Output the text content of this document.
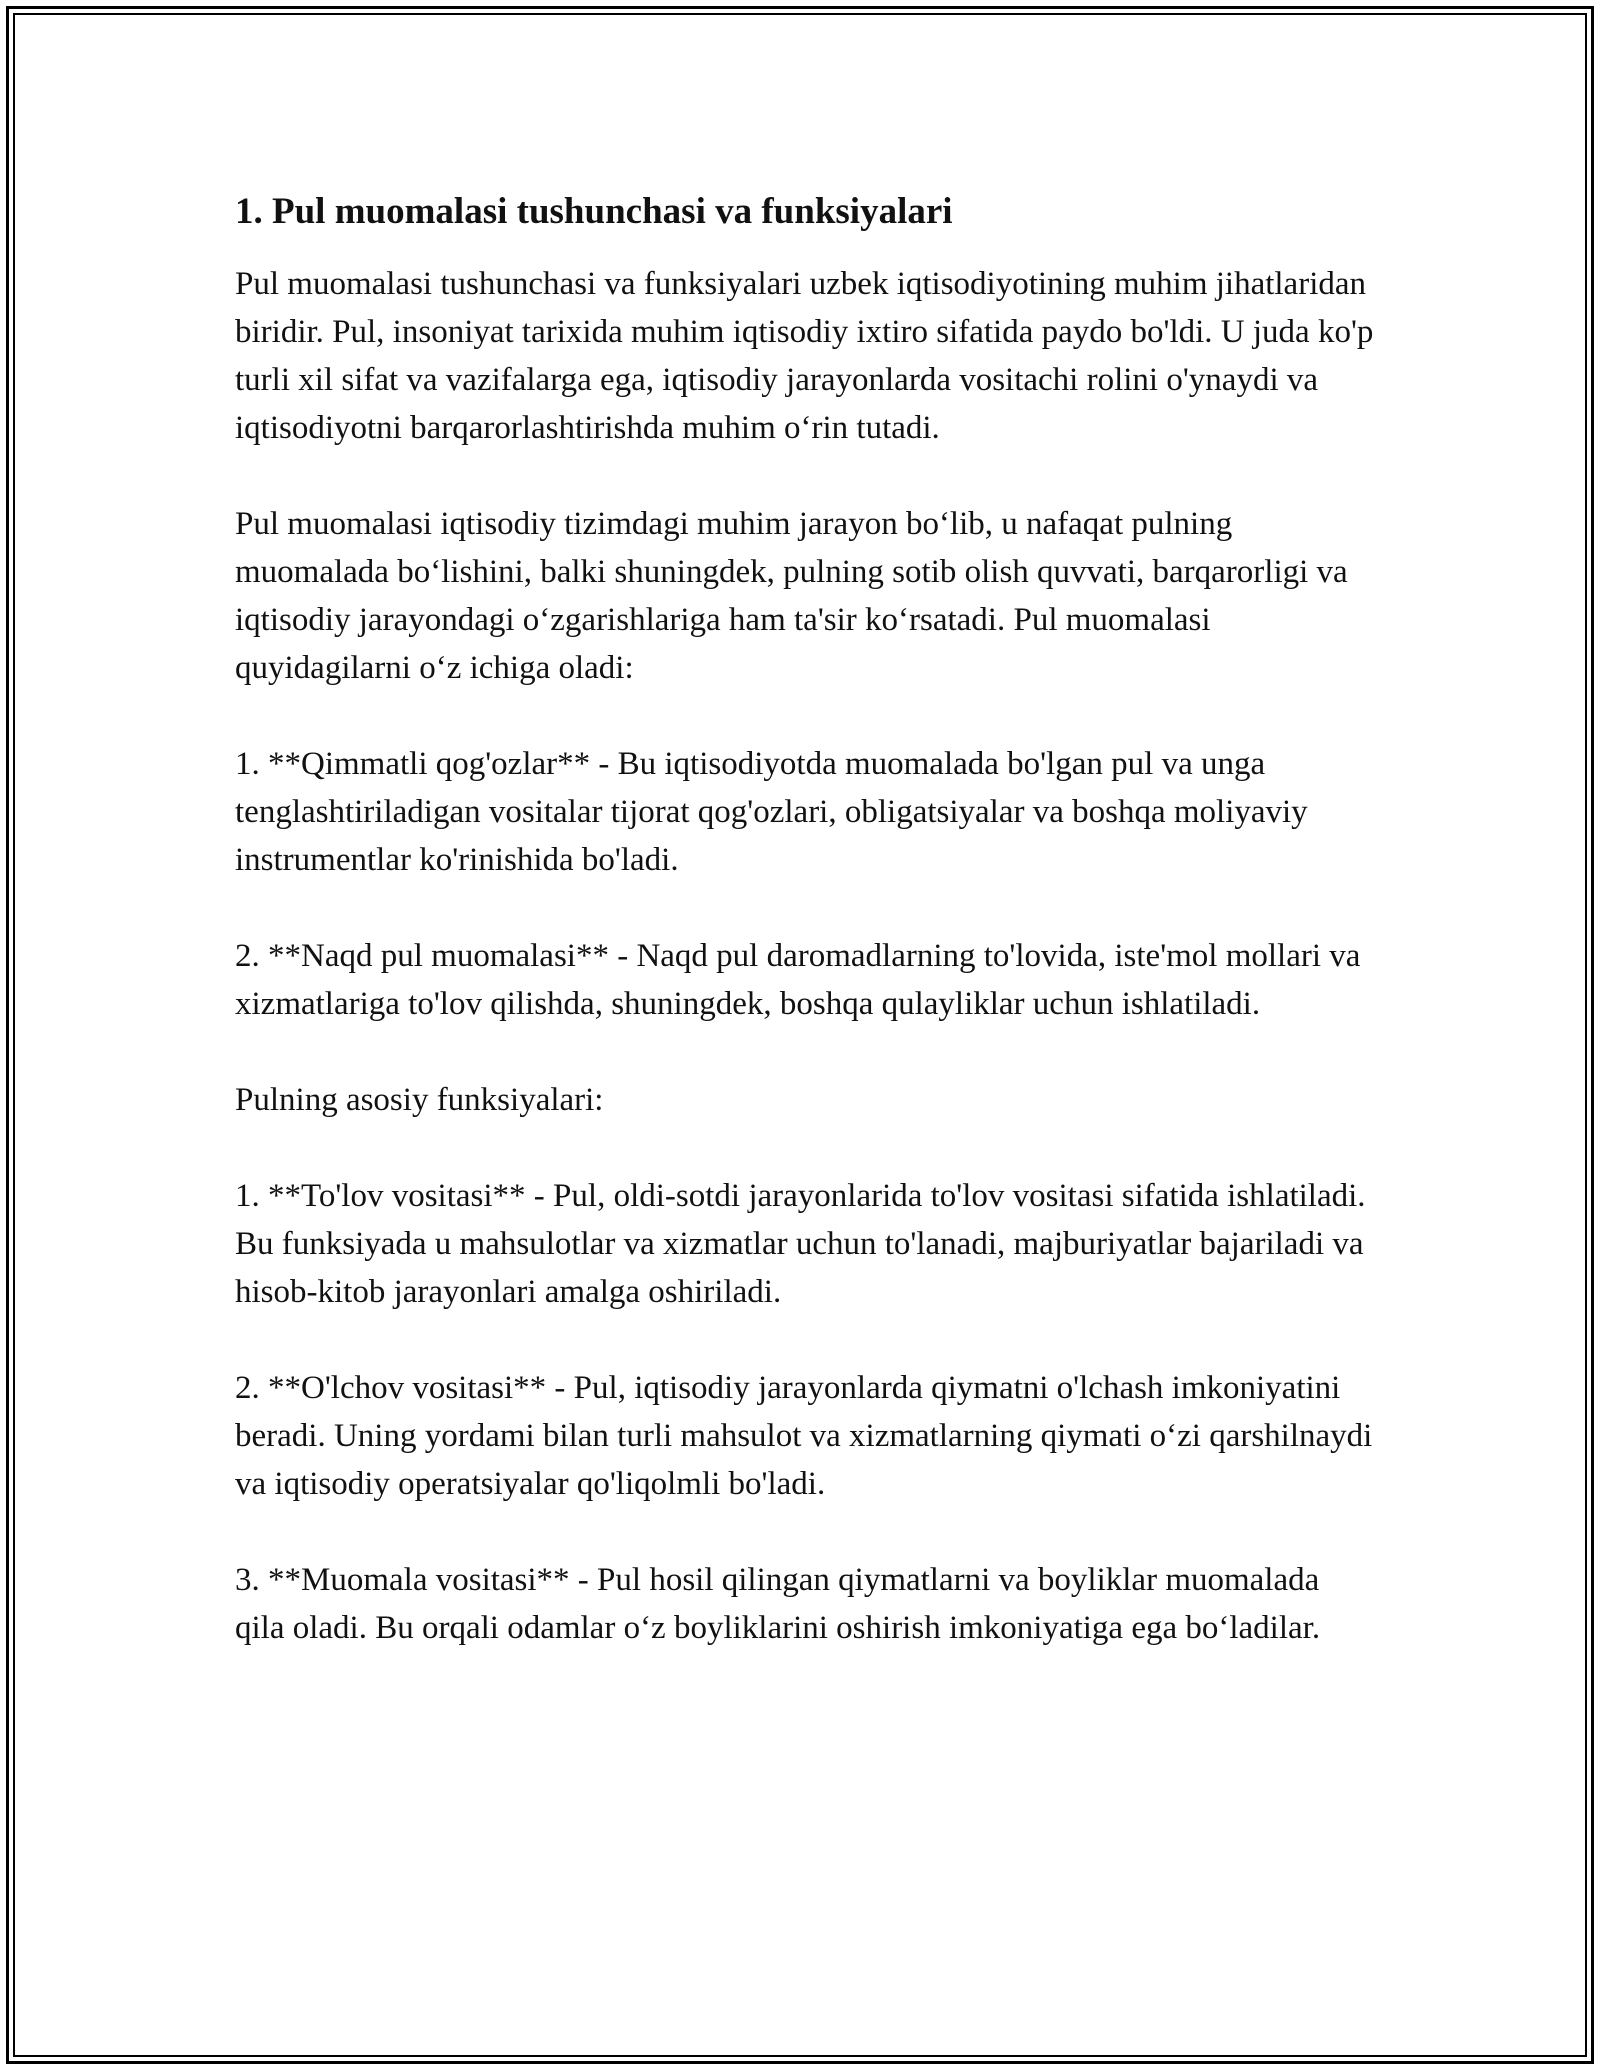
1. Pul muomalasi tushunchasi va funksiyalari

Pul muomalasi tushunchasi va funksiyalari uzbek iqtisodiyotining muhim jihatlaridan biridir. Pul, insoniyat tarixida muhim iqtisodiy ixtiro sifatida paydo bo'ldi. U juda ko'p turli xil sifat va vazifalarga ega, iqtisodiy jarayonlarda vositachi rolini o'ynaydi va iqtisodiyotni barqarorlashtirishda muhim o‘rin tutadi.

Pul muomalasi iqtisodiy tizimdagi muhim jarayon bo‘lib, u nafaqat pulning muomalada bo‘lishini, balki shuningdek, pulning sotib olish quvvati, barqarorligi va iqtisodiy jarayondagi o‘zgarishlariga ham ta'sir ko‘rsatadi. Pul muomalasi quyidagilarni o‘z ichiga oladi:

1. **Qimmatli qog'ozlar** - Bu iqtisodiyotda muomalada bo'lgan pul va unga tenglashtiriladigan vositalar tijorat qog'ozlari, obligatsiyalar va boshqa moliyaviy instrumentlar ko'rinishida bo'ladi.

2. **Naqd pul muomalasi** - Naqd pul daromadlarning to'lovida, iste'mol mollari va xizmatlariga to'lov qilishda, shuningdek, boshqa qulayliklar uchun ishlatiladi.

Pulning asosiy funksiyalari:

1. **To'lov vositasi** - Pul, oldi-sotdi jarayonlarida to'lov vositasi sifatida ishlatiladi. Bu funksiyada u mahsulotlar va xizmatlar uchun to'lanadi, majburiyatlar bajariladi va hisob-kitob jarayonlari amalga oshiriladi.

2. **O'lchov vositasi** - Pul, iqtisodiy jarayonlarda qiymatni o'lchash imkoniyatini beradi. Uning yordami bilan turli mahsulot va xizmatlarning qiymati o‘zi qarshilnaydi va iqtisodiy operatsiyalar qo'liqolmli bo'ladi.

3. **Muomala vositasi** - Pul hosil qilingan qiymatlarni va boyliklar muomalada qila oladi. Bu orqali odamlar o‘z boyliklarini oshirish imkoniyatiga ega bo‘ladilar.
